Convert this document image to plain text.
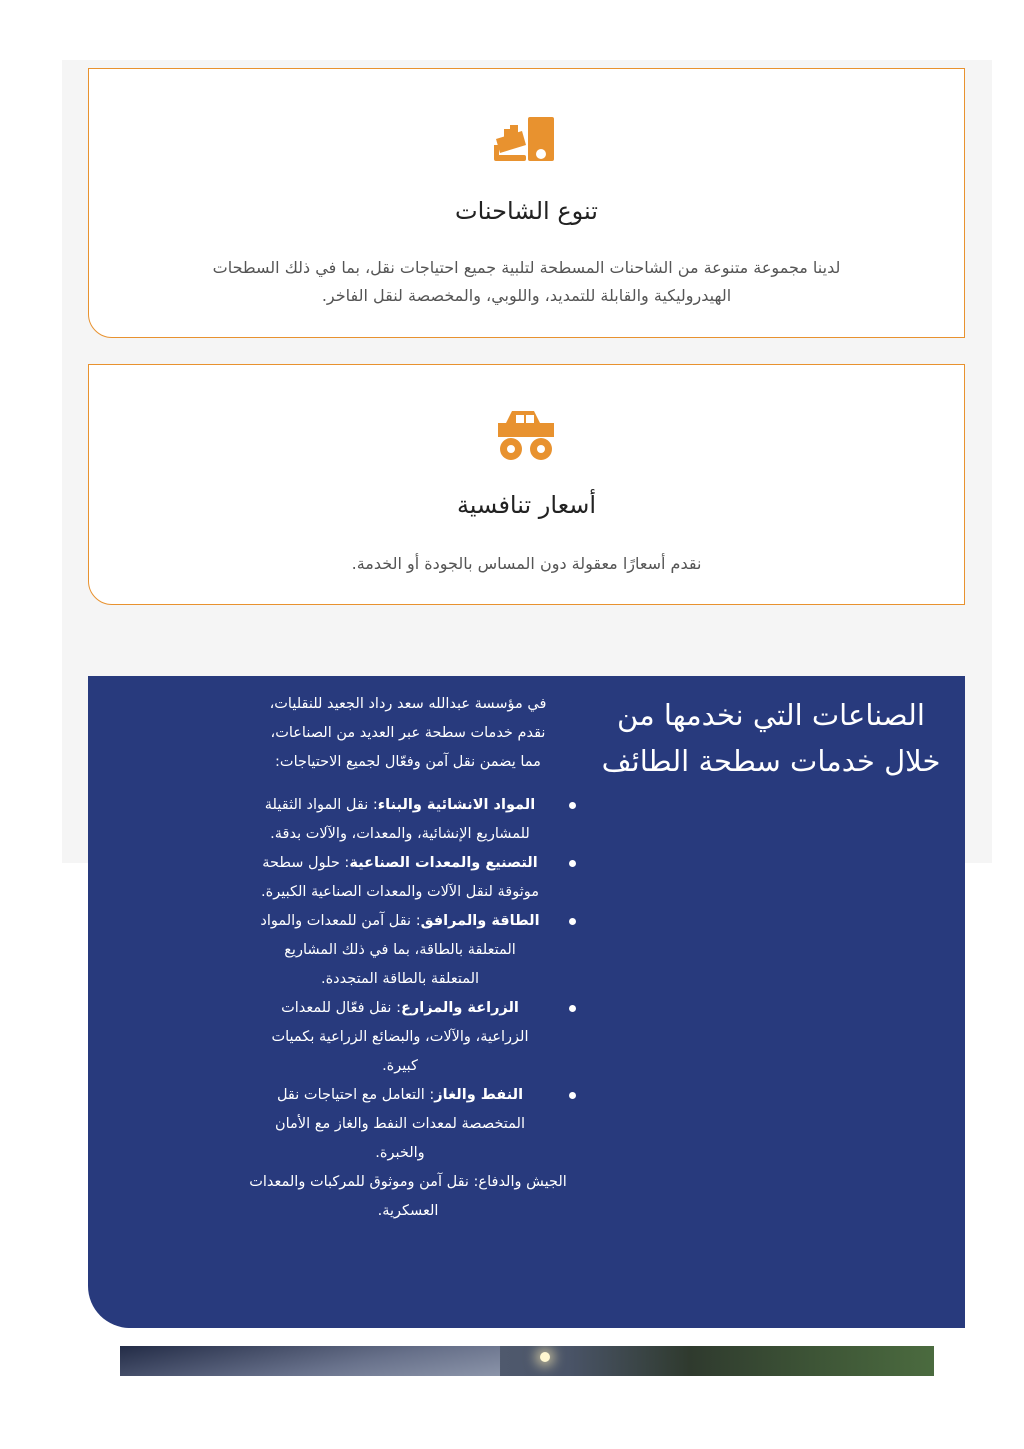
تنوع الشاحنات
لدينا مجموعة متنوعة من الشاحنات المسطحة لتلبية جميع احتياجات نقل، بما في ذلك السطحات
الهيدروليكية والقابلة للتمديد، واللوبي، والمخصصة لنقل الفاخر.
أسعار تنافسية
نقدم أسعارًا معقولة دون المساس بالجودة أو الخدمة.
الصناعات التي نخدمها من
خلال خدمات سطحة الطائف

في مؤسسة عبدالله سعد رداد الجعيد للنقليات،
نقدم خدمات سطحة عبر العديد من الصناعات،
مما يضمن نقل آمن وفعّال لجميع الاحتياجات:

المواد الانشائية والبناء: نقل المواد الثقيلة للمشاريع الإنشائية، والمعدات، والآلات بدقة.
التصنيع والمعدات الصناعية: حلول سطحة موثوقة لنقل الآلات والمعدات الصناعية الكبيرة.
الطاقة والمرافق: نقل آمن للمعدات والمواد المتعلقة بالطاقة، بما في ذلك المشاريع المتعلقة بالطاقة المتجددة.
الزراعة والمزارع: نقل فعّال للمعدات الزراعية، والآلات، والبضائع الزراعية بكميات كبيرة.
النفط والغاز: التعامل مع احتياجات نقل المتخصصة لمعدات النفط والغاز مع الأمان والخبرة.

الجيش والدفاع: نقل آمن وموثوق للمركبات والمعدات العسكرية.
